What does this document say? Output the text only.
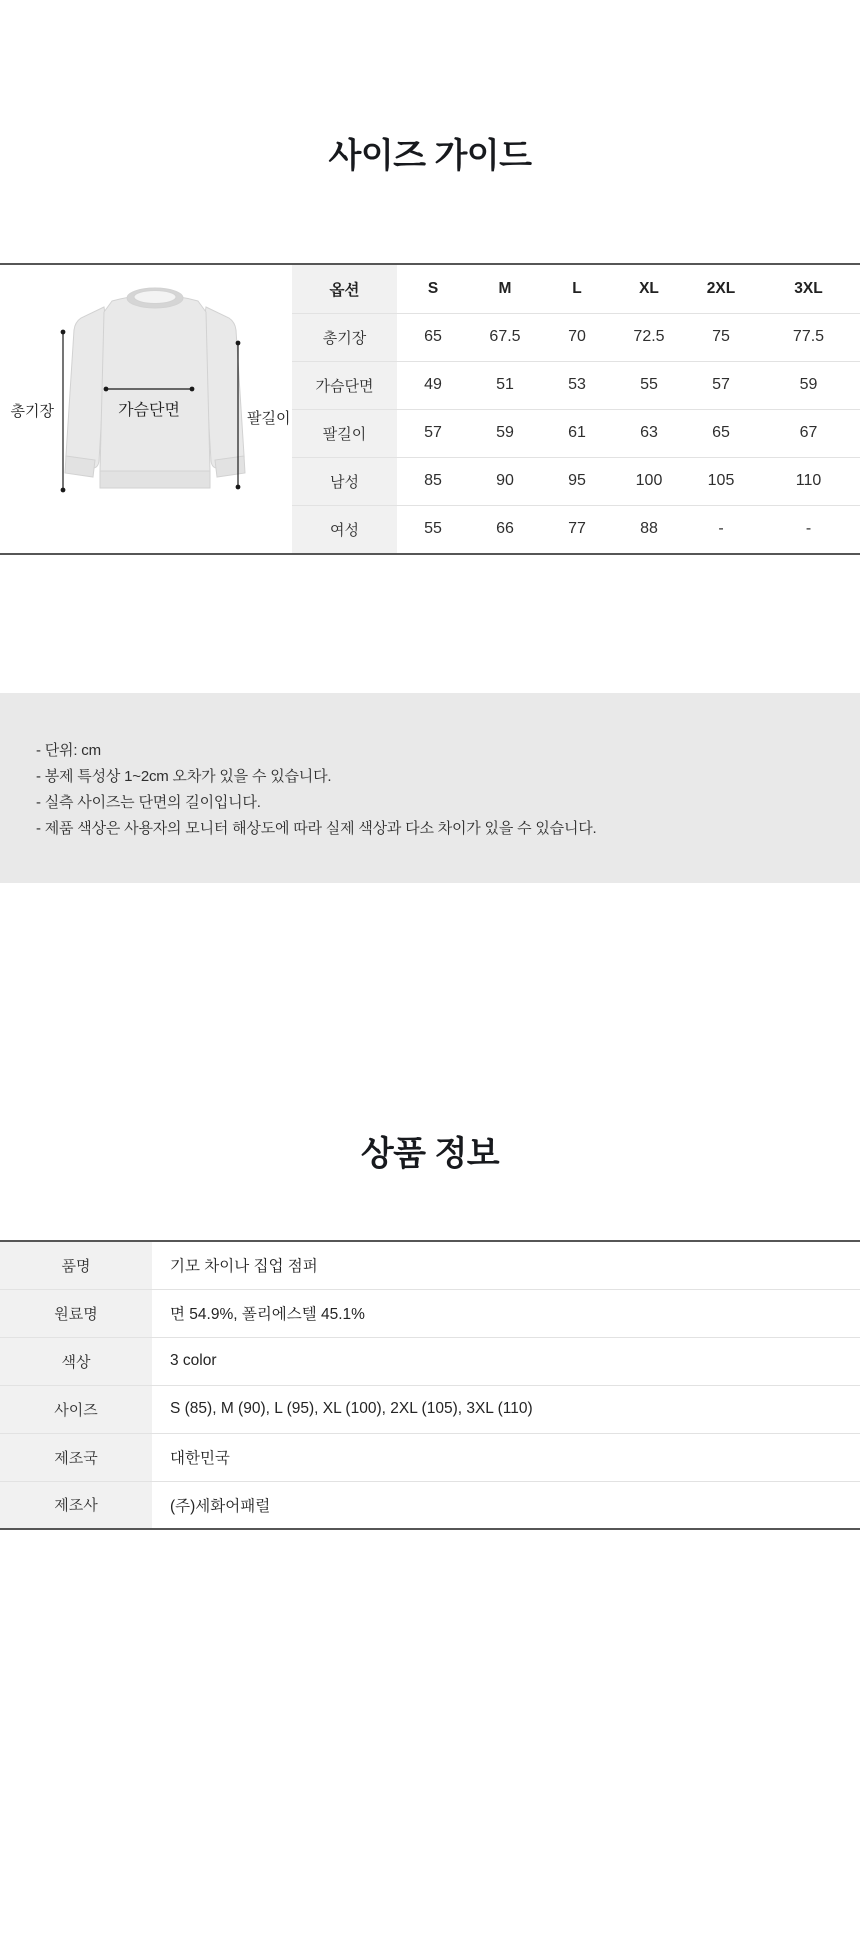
사이즈 가이드
총기장	가슴단면	팔길이
옵션	S	M	L	XL	2XL	3XL
총기장	65	67.5	70	72.5	75	77.5
가슴단면	49	51	53	55	57	59
팔길이	57	59	61	63	65	67
남성	85	90	95	100	105	110
여성	55	66	77	88	-	-

- 단위: cm

- 봉제 특성상 1~2cm 오차가 있을 수 있습니다.

- 실측 사이즈는 단면의 길이입니다.

- 제품 색상은 사용자의 모니터 해상도에 따라 실제 색상과 다소 차이가 있을 수 있습니다.

상품 정보
품명	기모 차이나 집업 점퍼
원료명	면 54.9%, 폴리에스텔 45.1%
색상	3 color
사이즈	S (85), M (90), L (95), XL (100), 2XL (105), 3XL (110)
제조국	대한민국
제조사	(주)세화어패럴
